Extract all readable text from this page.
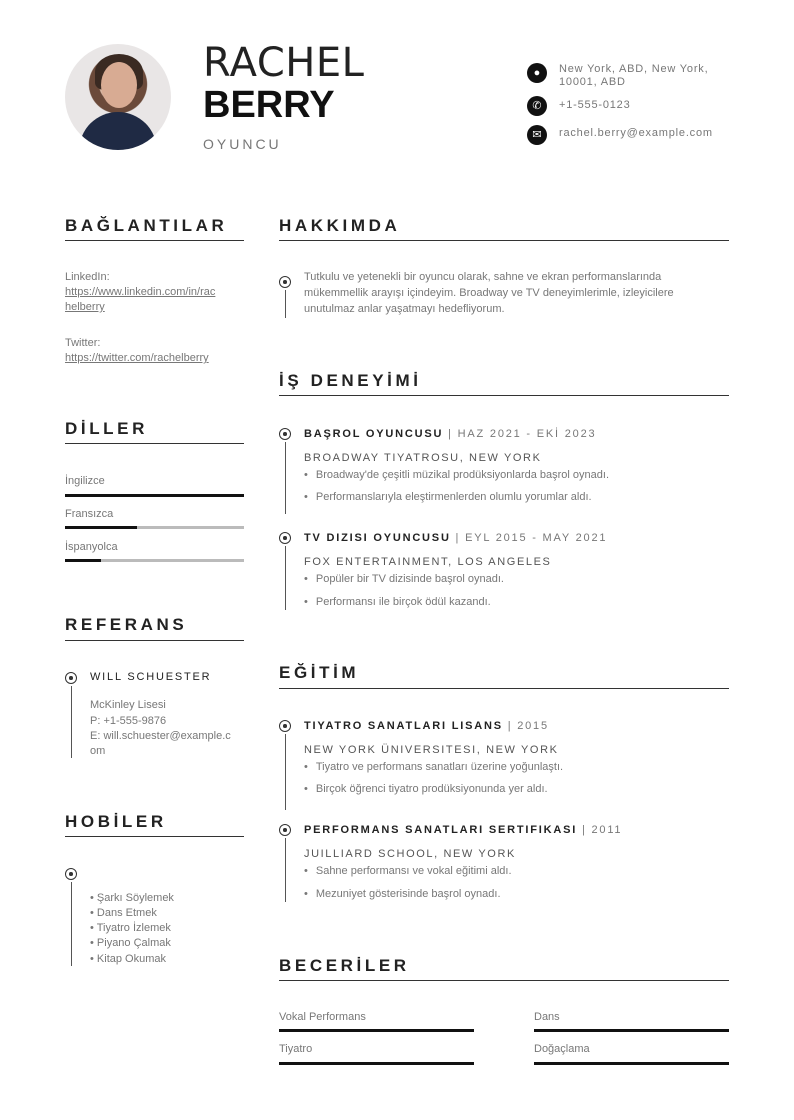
RACHEL
BERRY
OYUNCU
●	New York, ABD, New York, 10001, ABD
✆	+1-555-0123
✉	rachel.berry@example.com
BAĞLANTILAR
LinkedIn:
https://www.linkedin.com/in/rac
helberry
Twitter:
https://twitter.com/rachelberry
DİLLER
İngilizce
Fransızca
İspanyolca
REFERANS
WILL SCHUESTER
McKinley Lisesi
P: +1-555-9876
E: will.schuester@example.c
om
HOBİLER
• Şarkı Söylemek
• Dans Etmek
• Tiyatro İzlemek
• Piyano Çalmak
• Kitap Okumak
HAKKIMDA
Tutkulu ve yetenekli bir oyuncu olarak, sahne ve ekran performanslarında
mükemmellik arayışı içindeyim. Broadway ve TV deneyimlerimle, izleyicilere
unutulmaz anlar yaşatmayı hedefliyorum.
İŞ DENEYİMİ
BAŞROL OYUNCUSU | HAZ 2021 - EKİ 2023
BROADWAY TIYATROSU, NEW YORK
• Broadway'de çeşitli müzikal prodüksiyonlarda başrol oynadı.
• Performanslarıyla eleştirmenlerden olumlu yorumlar aldı.
TV DIZISI OYUNCUSU | EYL 2015 - MAY 2021
FOX ENTERTAINMENT, LOS ANGELES
• Popüler bir TV dizisinde başrol oynadı.
• Performansı ile birçok ödül kazandı.
EĞİTİM
TIYATRO SANATLARI LISANS | 2015
NEW YORK ÜNIVERSITESI, NEW YORK
• Tiyatro ve performans sanatları üzerine yoğunlaştı.
• Birçok öğrenci tiyatro prodüksiyonunda yer aldı.
PERFORMANS SANATLARI SERTIFIKASI | 2011
JUILLIARD SCHOOL, NEW YORK
• Sahne performansı ve vokal eğitimi aldı.
• Mezuniyet gösterisinde başrol oynadı.
BECERİLER
Vokal Performans	Dans
Tiyatro	Doğaçlama
